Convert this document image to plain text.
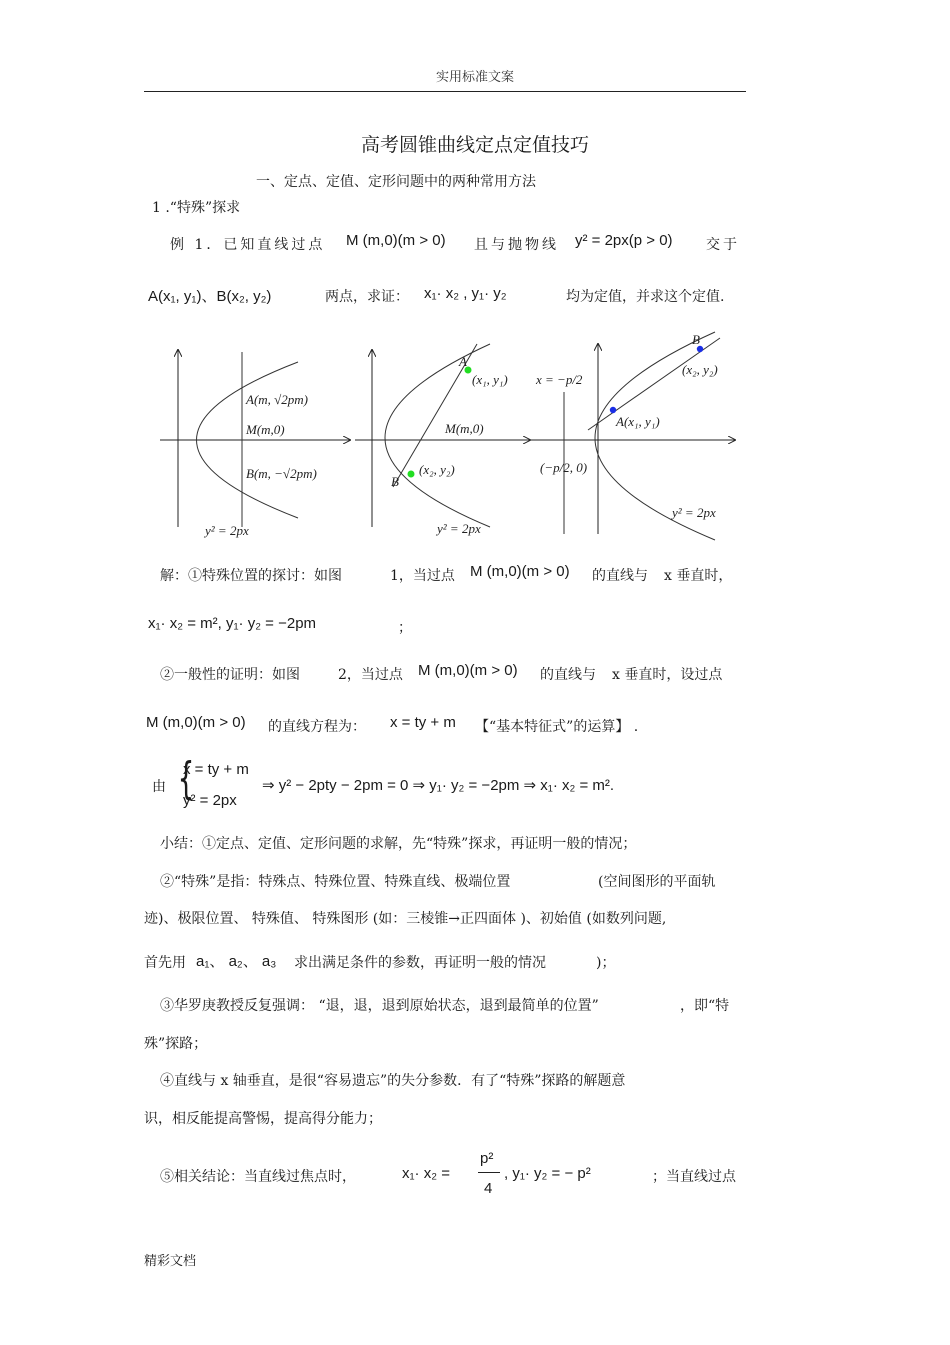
实用标准文案
高考圆锥曲线定点定值技巧
一、定点、定值、定形问题中的两种常用方法
1 .“特殊”探求
例 1．已知直线过点 M (m,0)(m > 0) 且与抛物线 y² = 2px(p > 0) 交于
A(x₁, y₁)、B(x₂, y₂)	两点，求证： x₁· x₂ , y₁· y₂	均为定值，并求这个定值.
A(m, √2pm)
M(m,0)
B(m, −√2pm)
y² = 2px
A
(x₁, y₁)
M(m,0)
B
(x₂, y₂)
y² = 2px
x = −p/2
B
(x₂, y₂)
A(x₁, y₁)
(−p/2, 0)
y² = 2px
解：①特殊位置的探讨：如图	1，当过点 M (m,0)(m > 0) 的直线与 x 垂直时，
x₁· x₂ = m², y₁· y₂ = −2pm	；
②一般性的证明：如图	2，当过点 M (m,0)(m > 0) 的直线与 x 垂直时，设过点
M (m,0)(m > 0) 的直线方程为： x = ty + m 【“基本特征式”的运算】 .
由 {
x = ty + m
y² = 2px
⇒ y² − 2pty − 2pm = 0 ⇒ y₁· y₂ = −2pm ⇒ x₁· x₂ = m².
小结：①定点、定值、定形问题的求解，先“特殊”探求，再证明一般的情况；
②“特殊”是指：特殊点、特殊位置、特殊直线、极端位置	(空间图形的平面轨
迹)、极限位置、 特殊值、 特殊图形 (如：三棱锥→正四面体 )、初始值 (如数列问题,
首先用 a₁、 a₂、 a₃ 求出满足条件的参数，再证明一般的情况	)；
③华罗庚教授反复强调： “退，退，退到原始状态，退到最简单的位置”	，即“特
殊”探路；
④直线与 x 轴垂直，是很“容易遗忘”的失分参数．有了“特殊”探路的解题意
识，相反能提高警惕，提高得分能力；
⑤相关结论：当直线过焦点时，	x₁· x₂ =
p²
4
, y₁· y₂ = − p²	；当直线过点
精彩文档
